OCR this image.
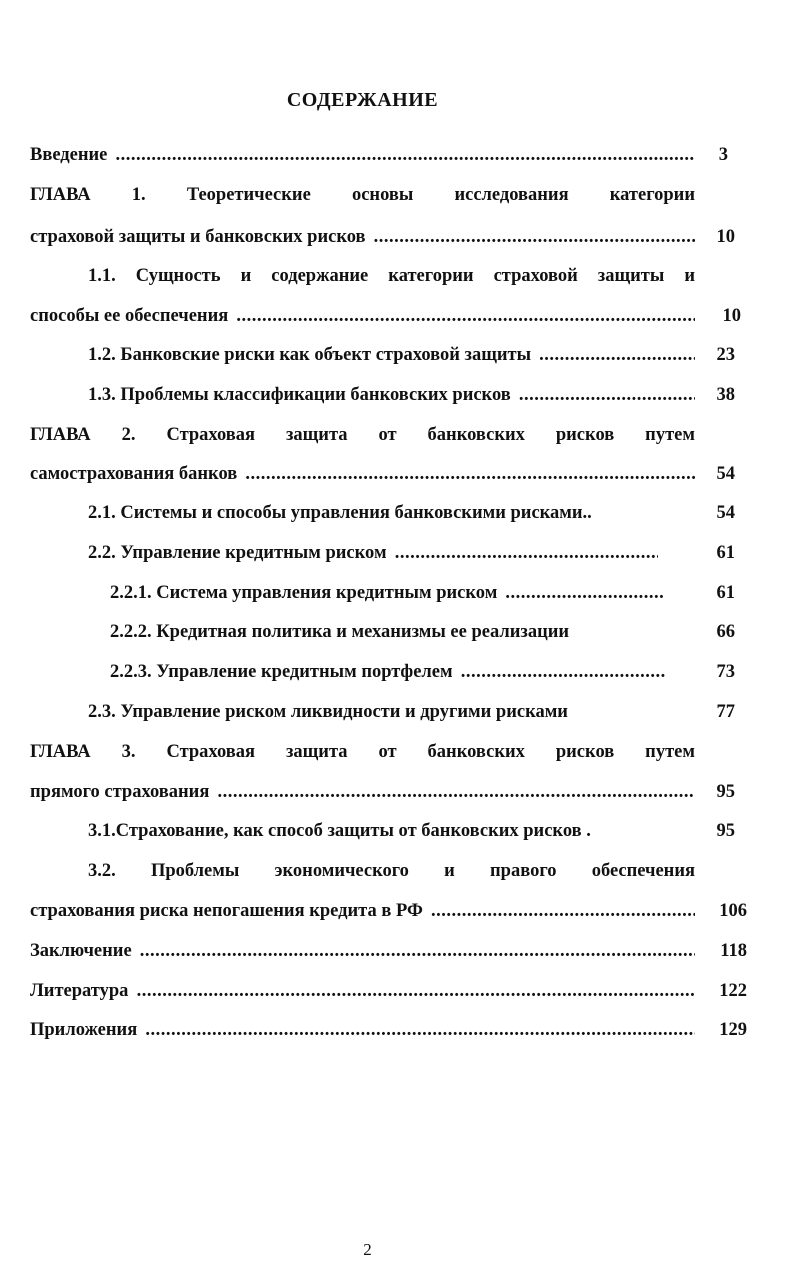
СОДЕРЖАНИЕ
Введение .....	3
ГЛАВА 1. Теоретические основы исследования категории
страховой защиты и банковских рисков .....	10
1.1. Сущность и содержание категории страховой защиты и
способы ее обеспечения .....	10
1.2. Банковские риски как объект страховой защиты .....	23
1.3. Проблемы классификации банковских рисков .....	38
ГЛАВА 2. Страховая защита от банковских рисков путем
самострахования банков .....	54
2.1. Системы и способы управления банковскими рисками..	54
2.2. Управление кредитным риском .....	61
2.2.1. Система управления кредитным риском .....	61
2.2.2. Кредитная политика и механизмы ее реализации	66
2.2.3. Управление кредитным портфелем .....	73
2.3. Управление риском ликвидности и другими рисками	77
ГЛАВА 3. Страховая защита от банковских рисков путем
прямого страхования .....	95
3.1.Страхование, как способ защиты от банковских рисков .	95
3.2. Проблемы экономического и правого обеспечения
страхования риска непогашения кредита в РФ .....	106
Заключение .....	118
Литература .....	122
Приложения .....	129
2
